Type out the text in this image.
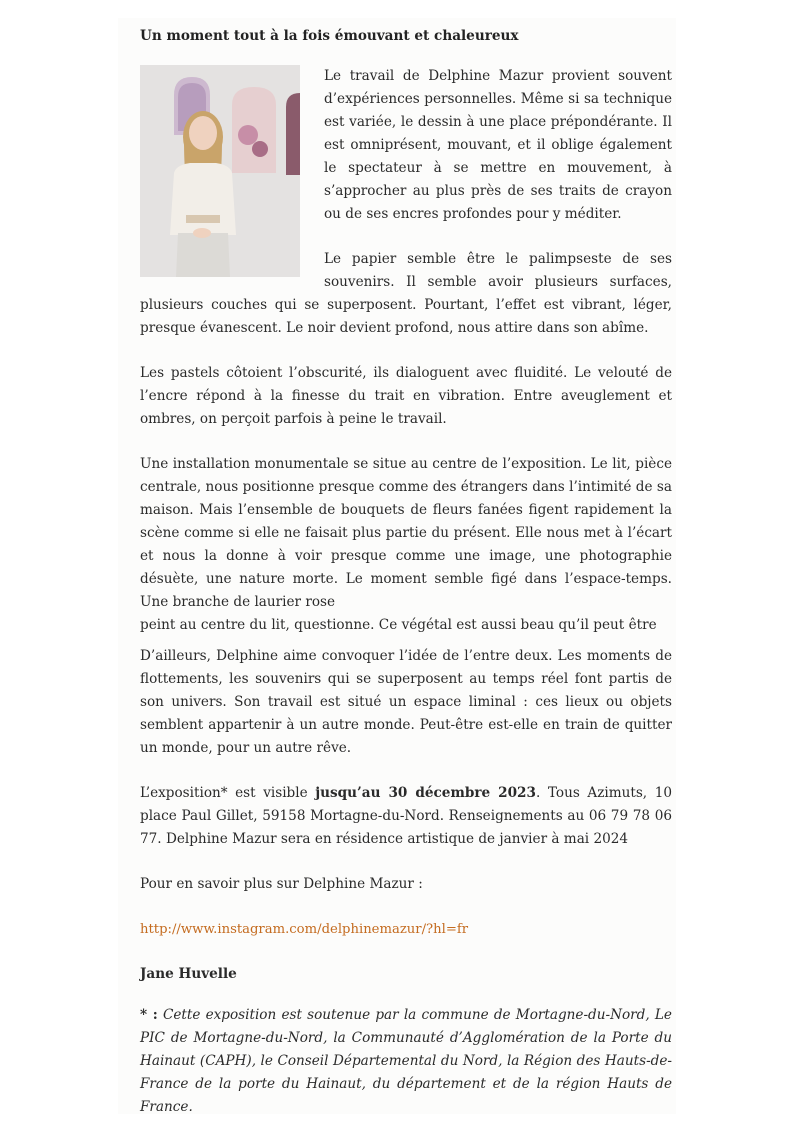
Un moment tout à la fois émouvant et chaleureux

Le travail de Delphine Mazur provient souvent d’expériences personnelles. Même si sa technique est variée, le dessin à une place prépondérante. Il est omniprésent, mouvant, et il oblige également le spectateur à se mettre en mouvement, à s’approcher au plus près de ses traits de crayon ou de ses encres profondes pour y méditer.

Le papier semble être le palimpseste de ses souvenirs. Il semble avoir plusieurs surfaces, plusieurs couches qui se superposent. Pourtant, l’effet est vibrant, léger, presque évanescent. Le noir devient profond, nous attire dans son abîme.

Les pastels côtoient l’obscurité, ils dialoguent avec fluidité. Le velouté de l’encre répond à la finesse du trait en vibration. Entre aveuglement et ombres, on perçoit parfois à peine le travail.

Une installation monumentale se situe au centre de l’exposition. Le lit, pièce centrale, nous positionne presque comme des étrangers dans l’intimité de sa maison. Mais l’ensemble de bouquets de fleurs fanées figent rapidement la scène comme si elle ne faisait plus partie du présent. Elle nous met à l’écart et nous la donne à voir presque comme une image, une photographie désuète, une nature morte. Le moment semble figé dans l’espace-temps. Une branche de laurier rose

peint au centre du lit, questionne. Ce végétal est aussi beau qu’il peut être

D’ailleurs, Delphine aime convoquer l’idée de l’entre deux. Les moments de flottements, les souvenirs qui se superposent au temps réel font partis de son univers. Son travail est situé un espace liminal : ces lieux ou objets semblent appartenir à un autre monde. Peut-être est-elle en train de quitter un monde, pour un autre rêve.

L’exposition* est visible jusqu’au 30 décembre 2023. Tous Azimuts, 10 place Paul Gillet, 59158 Mortagne-du-Nord. Renseignements au 06 79 78 06 77. Delphine Mazur sera en résidence artistique de janvier à mai 2024

Pour en savoir plus sur Delphine Mazur :

http://www.instagram.com/delphinemazur/?hl=fr

Jane Huvelle

* : Cette exposition est soutenue par la commune de Mortagne-du-Nord, Le PIC de Mortagne-du-Nord, la Communauté d’Agglomération de la Porte du Hainaut (CAPH), le Conseil Départemental du Nord, la Région des Hauts-de-France de la porte du Hainaut, du département et de la région Hauts de France.
